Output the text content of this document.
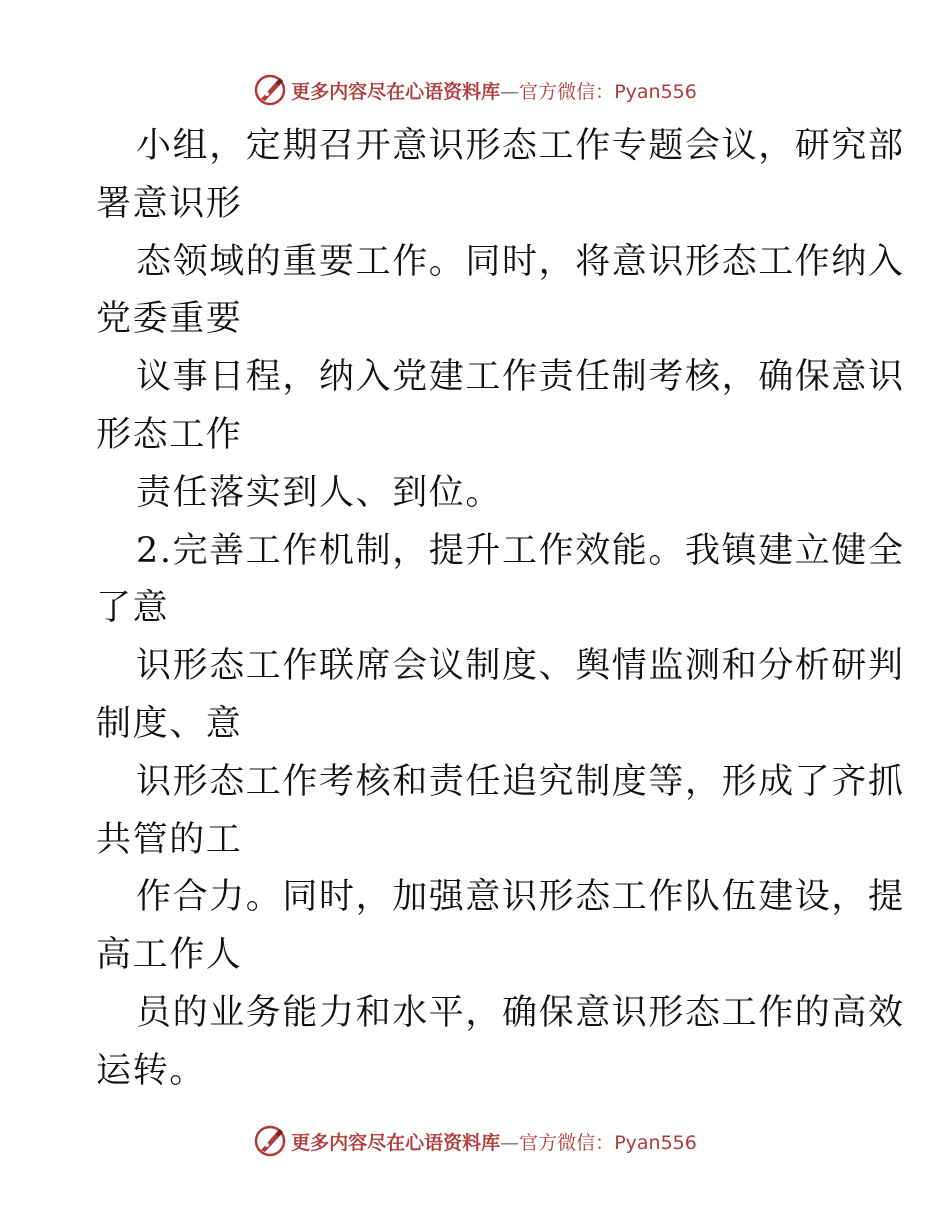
更多内容尽在心语资料库—官方微信：Pyan556
小组，定期召开意识形态工作专题会议，研究部
署意识形
态领域的重要工作。同时，将意识形态工作纳入
党委重要
议事日程，纳入党建工作责任制考核，确保意识
形态工作
责任落实到人、到位。
2.完善工作机制，提升工作效能。我镇建立健全
了意
识形态工作联席会议制度、舆情监测和分析研判
制度、意
识形态工作考核和责任追究制度等，形成了齐抓
共管的工
作合力。同时，加强意识形态工作队伍建设，提
高工作人
员的业务能力和水平，确保意识形态工作的高效
运转。
更多内容尽在心语资料库—官方微信：Pyan556
